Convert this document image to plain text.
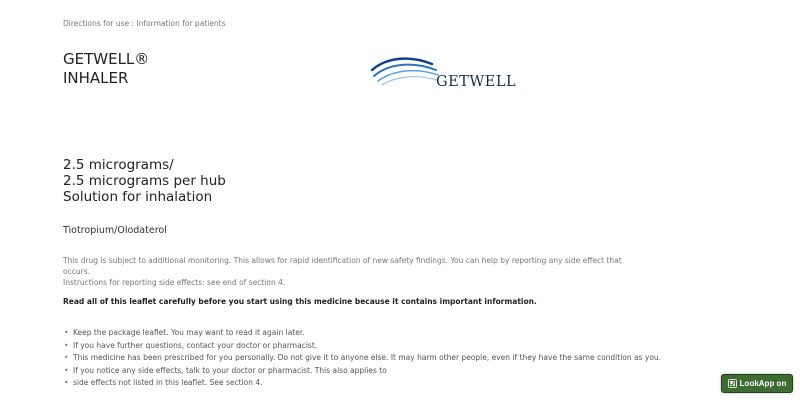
Directions for use : Information for patients
GETWELL®
INHALER	GETWELL
2.5 micrograms/
2.5 micrograms per hub
Solution for inhalation
Tiotropium/Olodaterol
This drug is subject to additional monitoring. This allows for rapid identification of new safety findings. You can help by reporting any side effect that occurs.
Instructions for reporting side effects: see end of section 4.
Read all of this leaflet carefully before you start using this medicine because it contains important information.
• Keep the package leaflet. You may want to read it again later.
• If you have further questions, contact your doctor or pharmacist.
• This medicine has been prescribed for you personally. Do not give it to anyone else. It may harm other people, even if they have the same condition as you.
• If you notice any side effects, talk to your doctor or pharmacist. This also applies to
• side effects not listed in this leaflet. See section 4.	LookApp on
